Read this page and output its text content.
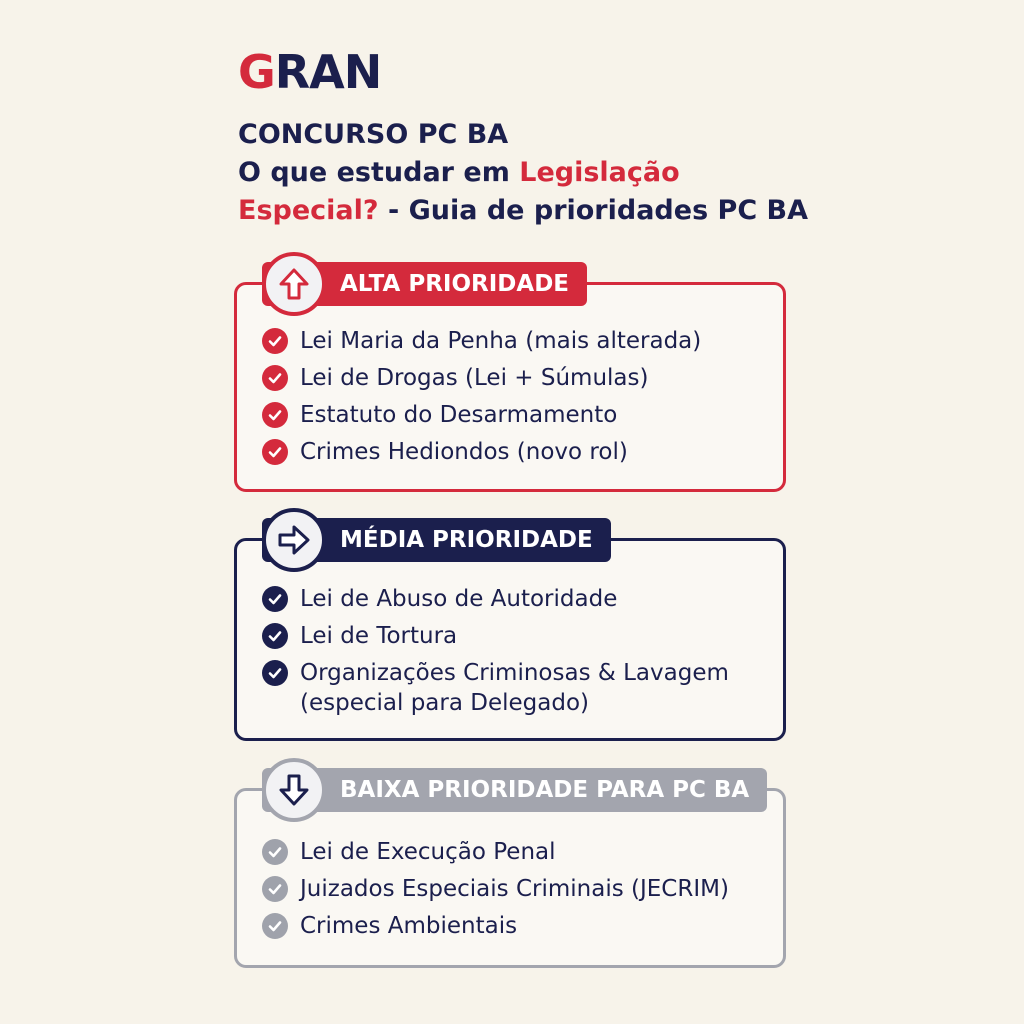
GRAN
CONCURSO PC BA
O que estudar em Legislação
Especial? - Guia de prioridades PC BA
ALTA PRIORIDADE
Lei Maria da Penha (mais alterada)
Lei de Drogas (Lei + Súmulas)
Estatuto do Desarmamento
Crimes Hediondos (novo rol)
MÉDIA PRIORIDADE
Lei de Abuso de Autoridade
Lei de Tortura
Organizações Criminosas & Lavagem
(especial para Delegado)
BAIXA PRIORIDADE PARA PC BA
Lei de Execução Penal
Juizados Especiais Criminais (JECRIM)
Crimes Ambientais
